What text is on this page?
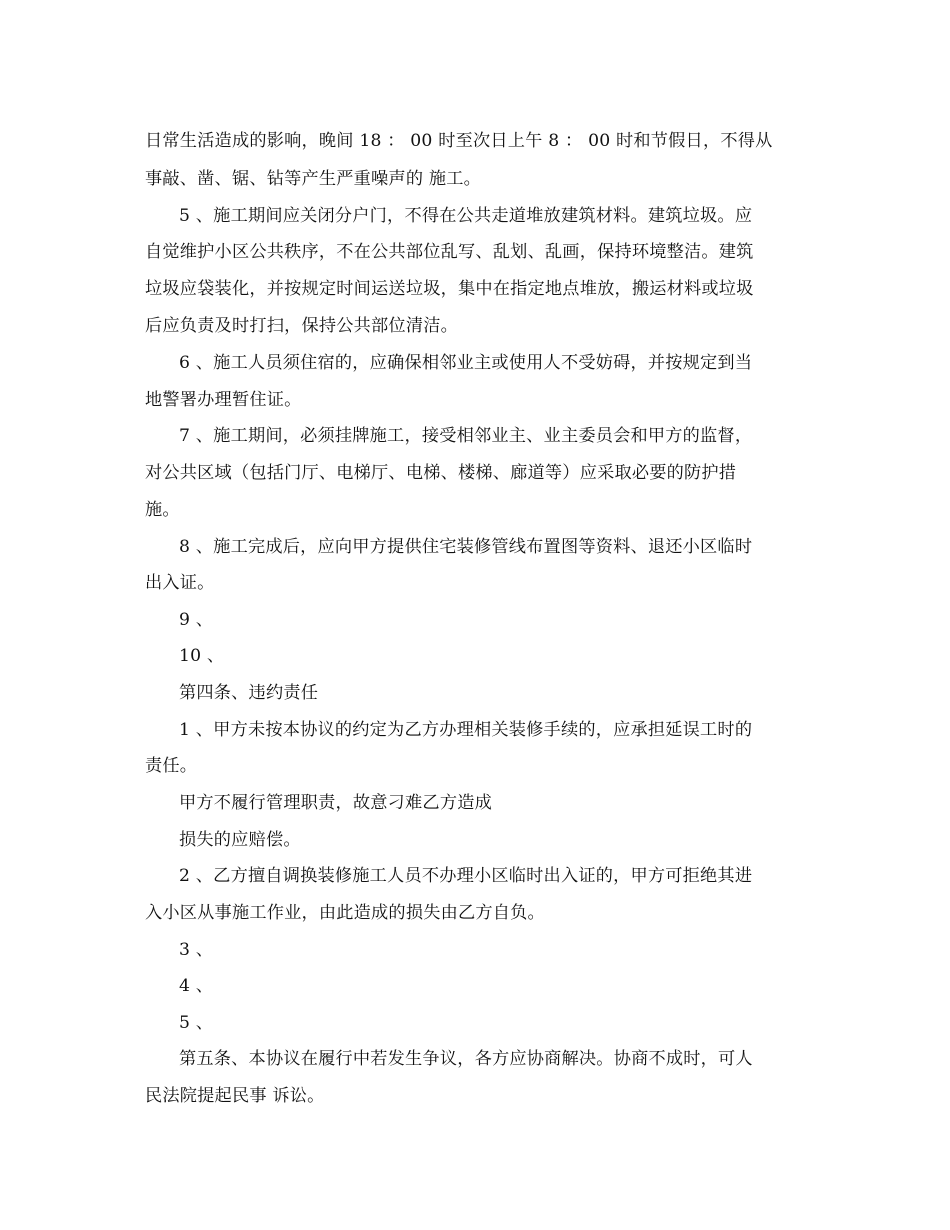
日常生活造成的影响，晚间 18 ： 00 时至次日上午 8 ： 00 时和节假日，不得从
事敲、凿、锯、钻等产生严重噪声的 施工。
5 、施工期间应关闭分户门，不得在公共走道堆放建筑材料。建筑垃圾。应
自觉维护小区公共秩序，不在公共部位乱写、乱划、乱画，保持环境整洁。建筑
垃圾应袋装化，并按规定时间运送垃圾，集中在指定地点堆放，搬运材料或垃圾
后应负责及时打扫，保持公共部位清洁。
6 、施工人员须住宿的，应确保相邻业主或使用人不受妨碍，并按规定到当
地警署办理暂住证。
7 、施工期间，必须挂牌施工，接受相邻业主、业主委员会和甲方的监督，
对公共区域（包括门厅、电梯厅、电梯、楼梯、廊道等）应采取必要的防护措
施。
8 、施工完成后，应向甲方提供住宅装修管线布置图等资料、退还小区临时
出入证。
9 、
10 、
第四条、违约责任
1 、甲方未按本协议的约定为乙方办理相关装修手续的，应承担延误工时的
责任。
甲方不履行管理职责，故意刁难乙方造成
损失的应赔偿。
2 、乙方擅自调换装修施工人员不办理小区临时出入证的，甲方可拒绝其进
入小区从事施工作业，由此造成的损失由乙方自负。
3 、
4 、
5 、
第五条、本协议在履行中若发生争议，各方应协商解决。协商不成时，可人
民法院提起民事 诉讼。
